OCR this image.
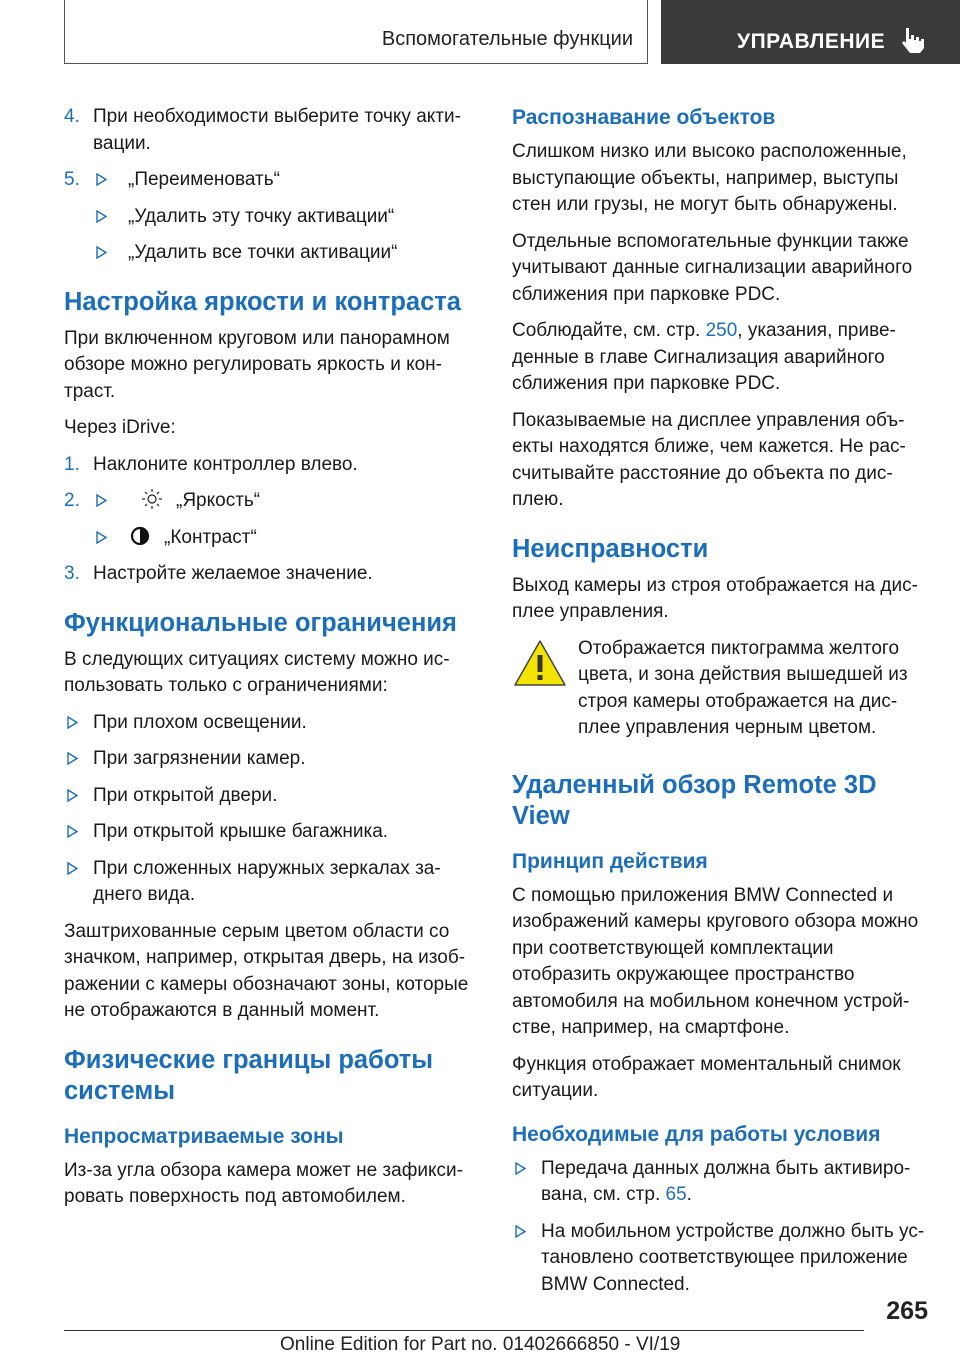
Вспомогательные функции	УПРАВЛЕНИЕ
4. При необходимости выберите точку акти-вации.
5.	„Переименовать“
„Удалить эту точку активации“
„Удалить все точки активации“
Настройка яркости и контраста

При включенном круговом или панорамном обзоре можно регулировать яркость и кон-траст.

Через iDrive:

1. Наклоните контроллер влево.
2.	„Яркость“
„Контраст“
3. Настройте желаемое значение.
Функциональные ограничения

В следующих ситуациях систему можно ис-пользовать только с ограничениями:

При плохом освещении.
При загрязнении камер.
При открытой двери.
При открытой крышке багажника.
При сложенных наружных зеркалах за-днего вида.

Заштрихованные серым цветом области со значком, например, открытая дверь, на изоб-ражении с камеры обозначают зоны, которые не отображаются в данный момент.

Физические границы работы системы
Непросматриваемые зоны

Из-за угла обзора камера может не зафикси-ровать поверхность под автомобилем.

Распознавание объектов

Слишком низко или высоко расположенные, выступающие объекты, например, выступы стен или грузы, не могут быть обнаружены.

Отдельные вспомогательные функции также учитывают данные сигнализации аварийного сближения при парковке PDC.

Соблюдайте, см. стр. 250, указания, приве-денные в главе Сигнализация аварийного сближения при парковке PDC.

Показываемые на дисплее управления объ-екты находятся ближе, чем кажется. Не рас-считывайте расстояние до объекта по дис-плею.

Неисправности

Выход камеры из строя отображается на дис-плее управления.

Отображается пиктограмма желтого цвета, и зона действия вышедшей из строя камеры отображается на дис-плее управления черным цветом.

Удаленный обзор Remote 3D View
Принцип действия

С помощью приложения BMW Connected и изображений камеры кругового обзора можно при соответствующей комплектации отобразить окружающее пространство автомобиля на мобильном конечном устрой-стве, например, на смартфоне.

Функция отображает моментальный снимок ситуации.

Необходимые для работы условия
Передача данных должна быть активиро-вана, см. стр. 65.
На мобильном устройстве должно быть ус-тановлено соответствующее приложение BMW Connected.
265
Online Edition for Part no. 01402666850 - VI/19
